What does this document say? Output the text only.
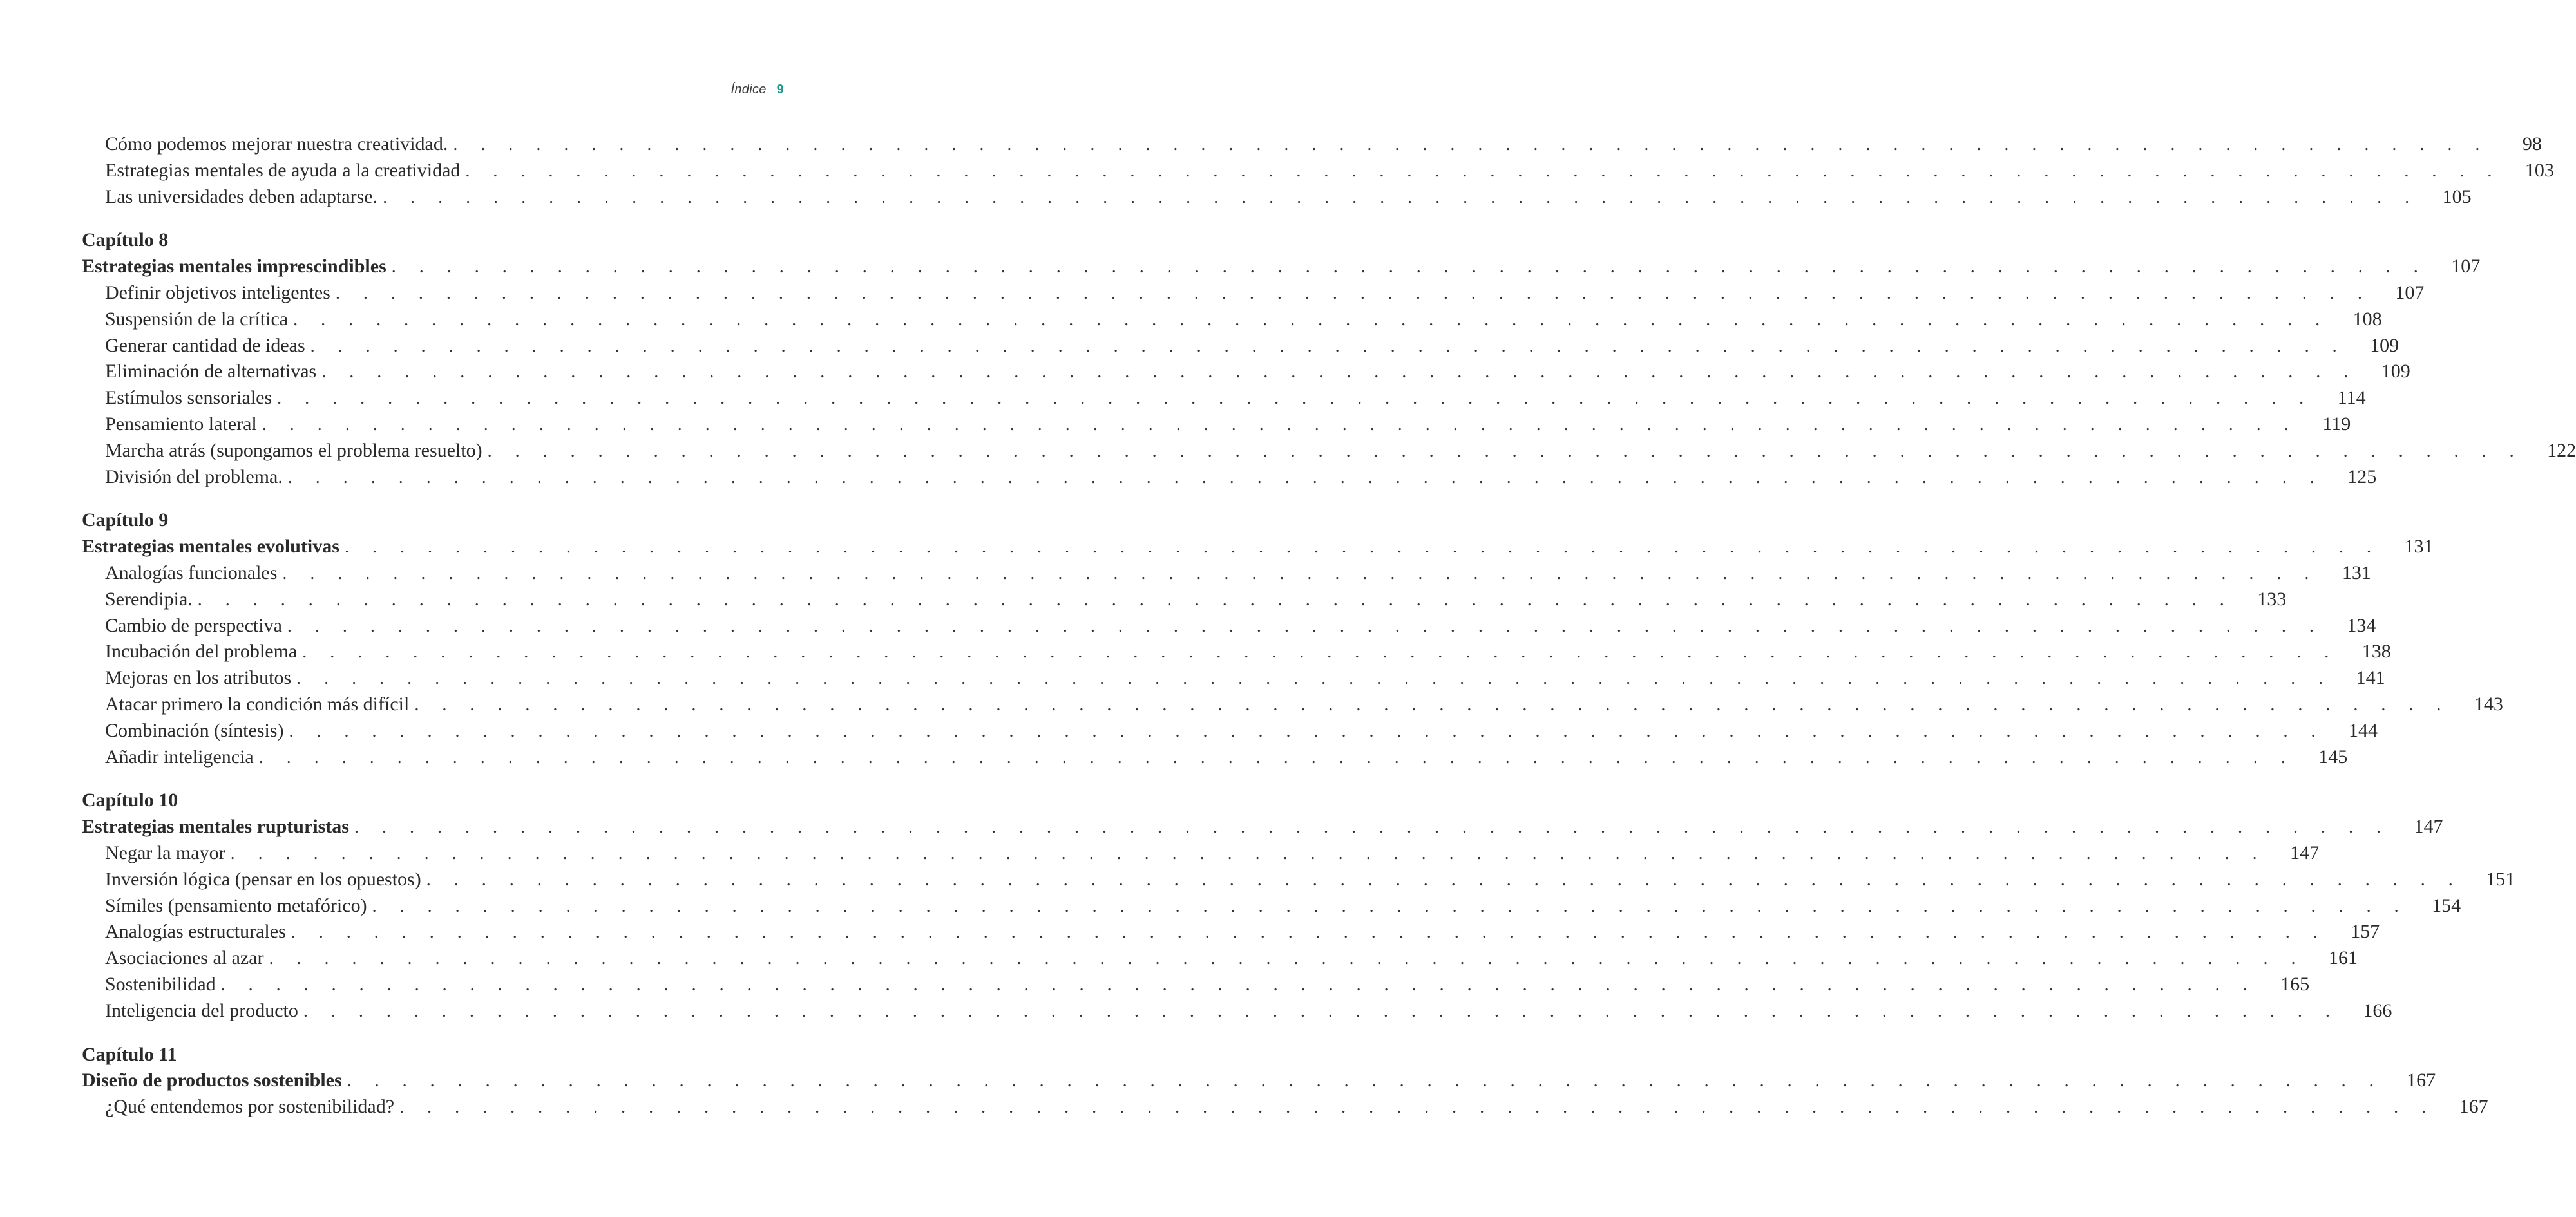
Índice 9
Cómo podemos mejorar nuestra creatividad. . . . . . . . . . . . . . . . . . . . . . . . . . . . . . . . . . . . . . . . . . . . . . . . . . . . . . . . . . . . . . . . . . . . . . . . . . .	98
Estrategias mentales de ayuda a la creatividad . . . . . . . . . . . . . . . . . . . . . . . . . . . . . . . . . . . . . . . . . . . . . . . . . . . . . . . . . . . . . . . . . . . . . . . . . .	103
Las universidades deben adaptarse. . . . . . . . . . . . . . . . . . . . . . . . . . . . . . . . . . . . . . . . . . . . . . . . . . . . . . . . . . . . . . . . . . . . . . . . . . .	105
Capítulo 8
Estrategias mentales imprescindibles . . . . . . . . . . . . . . . . . . . . . . . . . . . . . . . . . . . . . . . . . . . . . . . . . . . . . . . . . . . . . . . . . . . . . . . . . .	107
Definir objetivos inteligentes . . . . . . . . . . . . . . . . . . . . . . . . . . . . . . . . . . . . . . . . . . . . . . . . . . . . . . . . . . . . . . . . . . . . . . . . . .	107
Suspensión de la crítica . . . . . . . . . . . . . . . . . . . . . . . . . . . . . . . . . . . . . . . . . . . . . . . . . . . . . . . . . . . . . . . . . . . . . . . . . .	108
Generar cantidad de ideas . . . . . . . . . . . . . . . . . . . . . . . . . . . . . . . . . . . . . . . . . . . . . . . . . . . . . . . . . . . . . . . . . . . . . . . . . .	109
Eliminación de alternativas . . . . . . . . . . . . . . . . . . . . . . . . . . . . . . . . . . . . . . . . . . . . . . . . . . . . . . . . . . . . . . . . . . . . . . . . . .	109
Estímulos sensoriales . . . . . . . . . . . . . . . . . . . . . . . . . . . . . . . . . . . . . . . . . . . . . . . . . . . . . . . . . . . . . . . . . . . . . . . . . .	114
Pensamiento lateral . . . . . . . . . . . . . . . . . . . . . . . . . . . . . . . . . . . . . . . . . . . . . . . . . . . . . . . . . . . . . . . . . . . . . . . . . .	119
Marcha atrás (supongamos el problema resuelto) . . . . . . . . . . . . . . . . . . . . . . . . . . . . . . . . . . . . . . . . . . . . . . . . . . . . . . . . . . . . . . . . . . . . . . . . . .	122
División del problema. . . . . . . . . . . . . . . . . . . . . . . . . . . . . . . . . . . . . . . . . . . . . . . . . . . . . . . . . . . . . . . . . . . . . . . . . . .	125
Capítulo 9
Estrategias mentales evolutivas . . . . . . . . . . . . . . . . . . . . . . . . . . . . . . . . . . . . . . . . . . . . . . . . . . . . . . . . . . . . . . . . . . . . . . . . . .	131
Analogías funcionales . . . . . . . . . . . . . . . . . . . . . . . . . . . . . . . . . . . . . . . . . . . . . . . . . . . . . . . . . . . . . . . . . . . . . . . . . .	131
Serendipia. . . . . . . . . . . . . . . . . . . . . . . . . . . . . . . . . . . . . . . . . . . . . . . . . . . . . . . . . . . . . . . . . . . . . . . . . . .	133
Cambio de perspectiva . . . . . . . . . . . . . . . . . . . . . . . . . . . . . . . . . . . . . . . . . . . . . . . . . . . . . . . . . . . . . . . . . . . . . . . . . .	134
Incubación del problema . . . . . . . . . . . . . . . . . . . . . . . . . . . . . . . . . . . . . . . . . . . . . . . . . . . . . . . . . . . . . . . . . . . . . . . . . .	138
Mejoras en los atributos . . . . . . . . . . . . . . . . . . . . . . . . . . . . . . . . . . . . . . . . . . . . . . . . . . . . . . . . . . . . . . . . . . . . . . . . . .	141
Atacar primero la condición más difícil . . . . . . . . . . . . . . . . . . . . . . . . . . . . . . . . . . . . . . . . . . . . . . . . . . . . . . . . . . . . . . . . . . . . . . . . . .	143
Combinación (síntesis) . . . . . . . . . . . . . . . . . . . . . . . . . . . . . . . . . . . . . . . . . . . . . . . . . . . . . . . . . . . . . . . . . . . . . . . . . .	144
Añadir inteligencia . . . . . . . . . . . . . . . . . . . . . . . . . . . . . . . . . . . . . . . . . . . . . . . . . . . . . . . . . . . . . . . . . . . . . . . . . .	145
Capítulo 10
Estrategias mentales rupturistas . . . . . . . . . . . . . . . . . . . . . . . . . . . . . . . . . . . . . . . . . . . . . . . . . . . . . . . . . . . . . . . . . . . . . . . . . .	147
Negar la mayor . . . . . . . . . . . . . . . . . . . . . . . . . . . . . . . . . . . . . . . . . . . . . . . . . . . . . . . . . . . . . . . . . . . . . . . . . .	147
Inversión lógica (pensar en los opuestos) . . . . . . . . . . . . . . . . . . . . . . . . . . . . . . . . . . . . . . . . . . . . . . . . . . . . . . . . . . . . . . . . . . . . . . . . . .	151
Símiles (pensamiento metafórico) . . . . . . . . . . . . . . . . . . . . . . . . . . . . . . . . . . . . . . . . . . . . . . . . . . . . . . . . . . . . . . . . . . . . . . . . . .	154
Analogías estructurales . . . . . . . . . . . . . . . . . . . . . . . . . . . . . . . . . . . . . . . . . . . . . . . . . . . . . . . . . . . . . . . . . . . . . . . . . .	157
Asociaciones al azar . . . . . . . . . . . . . . . . . . . . . . . . . . . . . . . . . . . . . . . . . . . . . . . . . . . . . . . . . . . . . . . . . . . . . . . . . .	161
Sostenibilidad . . . . . . . . . . . . . . . . . . . . . . . . . . . . . . . . . . . . . . . . . . . . . . . . . . . . . . . . . . . . . . . . . . . . . . . . . .	165
Inteligencia del producto . . . . . . . . . . . . . . . . . . . . . . . . . . . . . . . . . . . . . . . . . . . . . . . . . . . . . . . . . . . . . . . . . . . . . . . . . .	166
Capítulo 11
Diseño de productos sostenibles . . . . . . . . . . . . . . . . . . . . . . . . . . . . . . . . . . . . . . . . . . . . . . . . . . . . . . . . . . . . . . . . . . . . . . . . . .	167
¿Qué entendemos por sostenibilidad? . . . . . . . . . . . . . . . . . . . . . . . . . . . . . . . . . . . . . . . . . . . . . . . . . . . . . . . . . . . . . . . . . . . . . . . . . .	167
